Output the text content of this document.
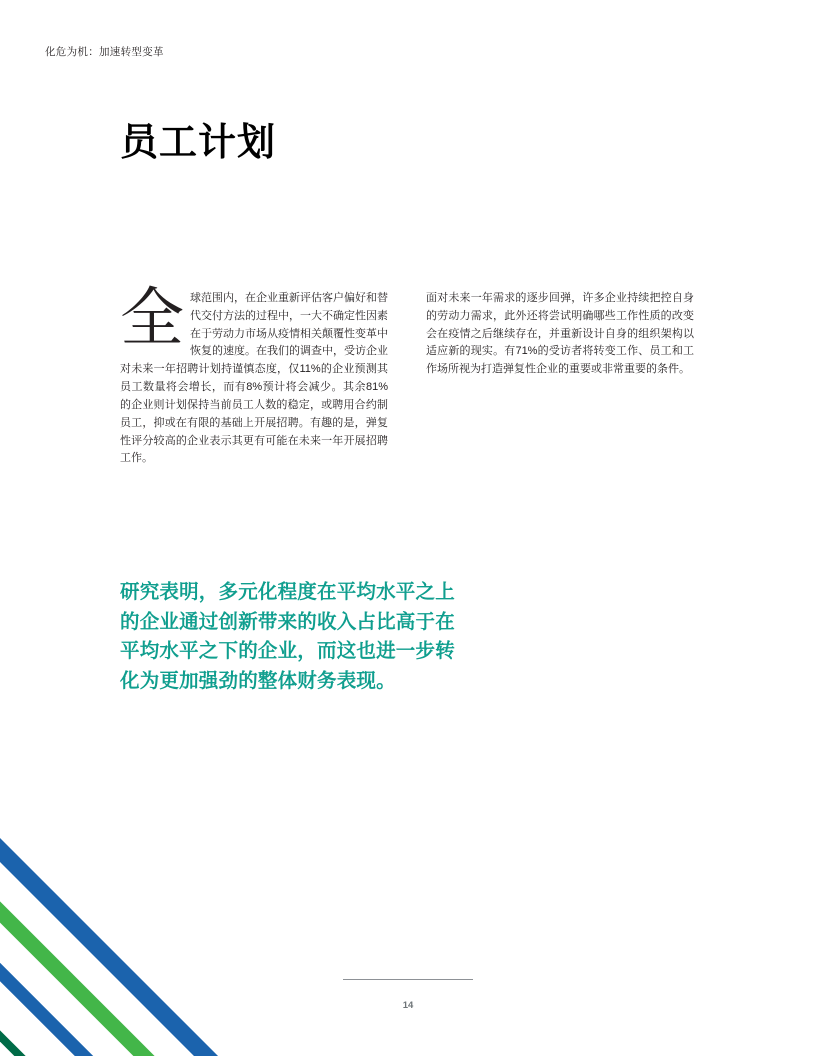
化危为机：加速转型变革
员工计划
全 球范围内，在企业重新评估客户偏好和替代交付方法的过程中，一大不确定性因素在于劳动力市场从疫情相关颠覆性变革中恢复的速度。在我们的调查中，受访企业对未来一年招聘计划持谨慎态度，仅11%的企业预测其员工数量将会增长，而有8%预计将会减少。其余81%的企业则计划保持当前员工人数的稳定，或聘用合约制员工，抑或在有限的基础上开展招聘。有趣的是，弹复性评分较高的企业表示其更有可能在未来一年开展招聘工作。

面对未来一年需求的逐步回弹，许多企业持续把控自身的劳动力需求，此外还将尝试明确哪些工作性质的改变会在疫情之后继续存在，并重新设计自身的组织架构以适应新的现实。有71%的受访者将转变工作、员工和工作场所视为打造弹复性企业的重要或非常重要的条件。

研究表明，多元化程度在平均水平之上的企业通过创新带来的收入占比高于在平均水平之下的企业，而这也进一步转化为更加强劲的整体财务表现。
14
